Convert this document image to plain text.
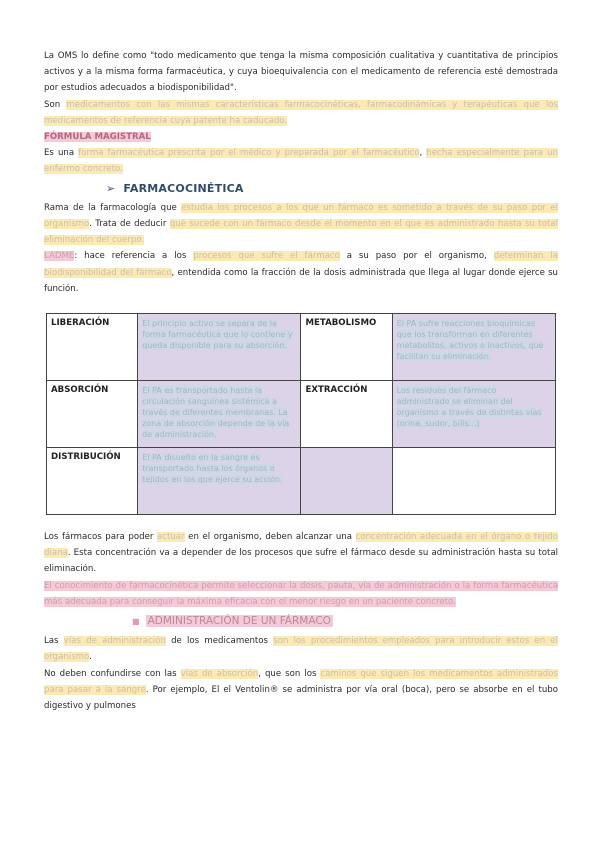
La OMS lo define como "todo medicamento que tenga la misma composición cualitativa y cuantitativa de principios activos y a la misma forma farmacéutica, y cuya bioequivalencia con el medicamento de referencia esté demostrada por estudios adecuados a biodisponibilidad".

Son medicamentos con las mismas características farmacocinéticas, farmacodinámicas y terapéuticas que los medicamentos de referencia cuya patente ha caducado.

FÓRMULA MAGISTRAL

Es una forma farmacéutica prescrita por el médico y preparada por el farmacéutico, hecha especialmente para un enfermo concreto.

➢ FARMACOCINÉTICA

Rama de la farmacología que estudia los procesos a los que un fármaco es sometido a través de su paso por el organismo. Trata de deducir qué sucede con un fármaco desde el momento en el que es administrado hasta su total eliminación del cuerpo.

LADME: hace referencia a los procesos que sufre el fármaco a su paso por el organismo, determinan la biodisponibilidad del fármaco, entendida como la fracción de la dosis administrada que llega al lugar donde ejerce su función.

LIBERACIÓN	El principio activo se separa de la forma farmacéutica que lo contiene y queda disponible para su absorción.	METABOLISMO	El PA sufre reacciones bioquímicas que los transforman en diferentes metabolitos, activos o inactivos, que facilitan su eliminación.
ABSORCIÓN	El PA es transportado hasta la circulación sanguínea sistémica a través de diferentes membranas. La zona de absorción depende de la vía de administración.	EXTRACCIÓN	Los residuos del fármaco administrado se eliminan del organismo a través de distintas vías (orina, sudor, bilis...)
DISTRIBUCIÓN	El PA disuelto en la sangre es transportado hasta los órganos o tejidos en los que ejerce su acción.		

Los fármacos para poder actuar en el organismo, deben alcanzar una concentración adecuada en el órgano o tejido diana. Esta concentración va a depender de los procesos que sufre el fármaco desde su administración hasta su total eliminación.

El conocimiento de farmacocinética permite seleccionar la dosis, pauta, vía de administración o la forma farmacéutica más adecuada para conseguir la máxima eficacia con el menor riesgo en un paciente concreto.

■ ADMINISTRACIÓN DE UN FÁRMACO

Las vías de administración de los medicamentos son los procedimientos empleados para introducir estos en el organismo.

No deben confundirse con las vías de absorción, que son los caminos que siguen los medicamentos administrados para pasar a la sangre. Por ejemplo, El el Ventolin® se administra por vía oral (boca), pero se absorbe en el tubo digestivo y pulmones
